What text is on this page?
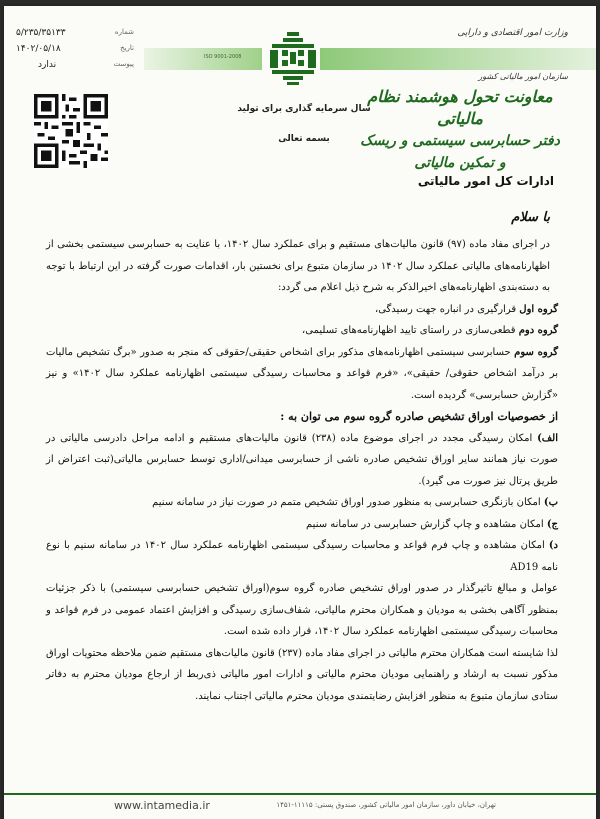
۵/۲۳۵/۳۵۱۳۳	شماره
۱۴۰۲/۰۵/۱۸	تاریخ
ندارد	پیوست
ISO 9001-2008
وزارت امور اقتصادی و دارایی
سازمان امور مالیاتی کشور
معاونت تحول هوشمند نظام مالیاتی
دفتر حسابرسی سیستمی و ریسک و تمکین مالیاتی
سال سرمایه گذاری برای تولید
بسمه تعالی
ادارات کل امور مالیاتی
با سلام

در اجرای مفاد ماده (۹۷) قانون مالیات‌های مستقیم و برای عملکرد سال ۱۴۰۲، با عنایت به حسابرسی سیستمی بخشی از اظهارنامه‌های مالیاتی عملکرد سال ۱۴۰۲ در سازمان متبوع برای نخستین بار، اقدامات صورت گرفته در این ارتباط با توجه به دسته‌بندی اظهارنامه‌های اخیرالذکر به شرح ذیل اعلام می گردد:

گروه اول قرارگیری در انباره جهت رسیدگی،

گروه دوم قطعی‌سازی در راستای تایید اظهارنامه‌های تسلیمی،

گروه سوم حسابرسی سیستمی اظهارنامه‌های مذکور برای اشخاص حقیقی/حقوقی که منجر به صدور «برگ تشخیص مالیات بر درآمد اشخاص حقوقی/ حقیقی»، «فرم قواعد و محاسبات رسیدگی سیستمی اظهارنامه عملکرد سال ۱۴۰۲» و نیز «گزارش حسابرسی» گردیده است.

از خصوصیات اوراق تشخیص صادره گروه سوم می توان به :

الف) امکان رسیدگی مجدد در اجرای موضوع ماده (۲۳۸) قانون مالیات‌های مستقیم و ادامه مراحل دادرسی مالیاتی در صورت نیاز همانند سایر اوراق تشخیص صادره ناشی از حسابرسی میدانی/اداری توسط حسابرس مالیاتی(ثبت اعتراض از طریق پرتال نیز صورت می گیرد).

ب) امکان بازنگری حسابرسی به منظور صدور اوراق تشخیص متمم در صورت نیاز در سامانه سنیم

ج) امکان مشاهده و چاپ گزارش حسابرسی در سامانه سنیم

د) امکان مشاهده و چاپ فرم قواعد و محاسبات رسیدگی سیستمی اظهارنامه عملکرد سال ۱۴۰۲ در سامانه سنیم با نوع نامه AD19

عوامل و مبالغ تاثیرگذار در صدور اوراق تشخیص صادره گروه سوم(اوراق تشخیص حسابرسی سیستمی) با ذکر جزئیات بمنظور آگاهی بخشی به مودیان و همکاران محترم مالیاتی، شفاف‌سازی رسیدگی و افزایش اعتماد عمومی در فرم قواعد و محاسبات رسیدگی سیستمی اظهارنامه عملکرد سال ۱۴۰۲، قرار داده شده است.

لذا شایسته است همکاران محترم مالیاتی در اجرای مفاد ماده (۲۳۷) قانون مالیات‌های مستقیم ضمن ملاحظه محتویات اوراق مذکور نسبت به ارشاد و راهنمایی مودیان محترم مالیاتی و ادارات امور مالیاتی ذی‌ربط از ارجاع مودیان محترم به دفاتر ستادی سازمان متبوع به منظور افزایش رضایتمندی مودیان محترم مالیاتی اجتناب نمایند.

www.intamedia.ir	تهران، خیابان داور، سازمان امور مالیاتی کشور، صندوق پستی: ۱۱۱۱۵-۱۴۵۱
